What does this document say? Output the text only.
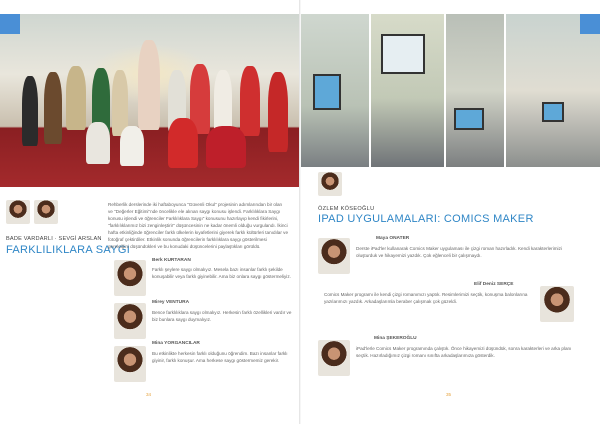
BADE VARDARLI · SEVGİ ARSLAN
FARKLILIKLARA SAYGI
Rehberlik derslerinde iki haftaboyunca "Güvenli Okul" projesinin adımlarından bir olan ve "Değerler Eğitimi"nde öncelikle ele alınan saygı konusu işlendi. Farklılıklara Saygı konusu işlendi ve öğrenciler Farklılıklara Saygı" konusunu hazırlayıp kendi fikirlerini, "farklılıklarımız bizi zenginleştirir" düşüncesinin ne kadar önemli olduğu vurgulandı. İkinci hafta etkinliğinde öğrenciler farklı ülkelerin kıyafetlerini giyerek farklı kültürleri tanıdılar ve fotoğraf çektirdiler. Etkinlik sonunda öğrencilerin farklılıklara saygı gösterilmesi gerektiğini düşündükleri ve bu konudaki düşüncelerini paylaştıkları görüldü.
Berk KURTARAN
Farklı şeylere saygı olmalıyız. Mesela bazı insanlar farklı şekilde konuşabilir veya farklı giyinebilir. Ama biz onlara saygı göstermeliyiz.
Mirey VENTURA
Bence farklılıklara saygı olmalıyız. Herkesin farklı özellikleri vardır ve biz bunlara saygı duymalıyız.
Mina YORGANCILAR
Bu etkinlikte herkesin farklı olduğunu öğrendim. Bazı insanlar farklı giyinir, farklı konuşur. Ama herkese saygı göstermemiz gerekir.
34
ÖZLEM KÖSEOĞLU
IPAD UYGULAMALARI: COMICS MAKER
Maya ONATER
Derste iPad'ler kullanarak Comics Maker uygulaması ile çizgi roman hazırladık. Kendi karakterlerimizi oluşturduk ve hikayemizi yazdık. Çok eğlenceli bir çalışmaydı.
Elif Deniz SERÇE
Comics Maker programı ile kendi çizgi romanımızı yaptık. Resimlerimizi seçtik, konuşma balonlarına yazılarımızı yazdık. Arkadaşlarımla beraber çalışmak çok güzeldi.
Mina ŞEKEROĞLU
iPad'lerle Comics Maker programında çalıştık. Önce hikayemizi düşündük, sonra karakterleri ve arka planı seçtik. Hazırladığımız çizgi romanı sınıfta arkadaşlarımıza gösterdik.
35
